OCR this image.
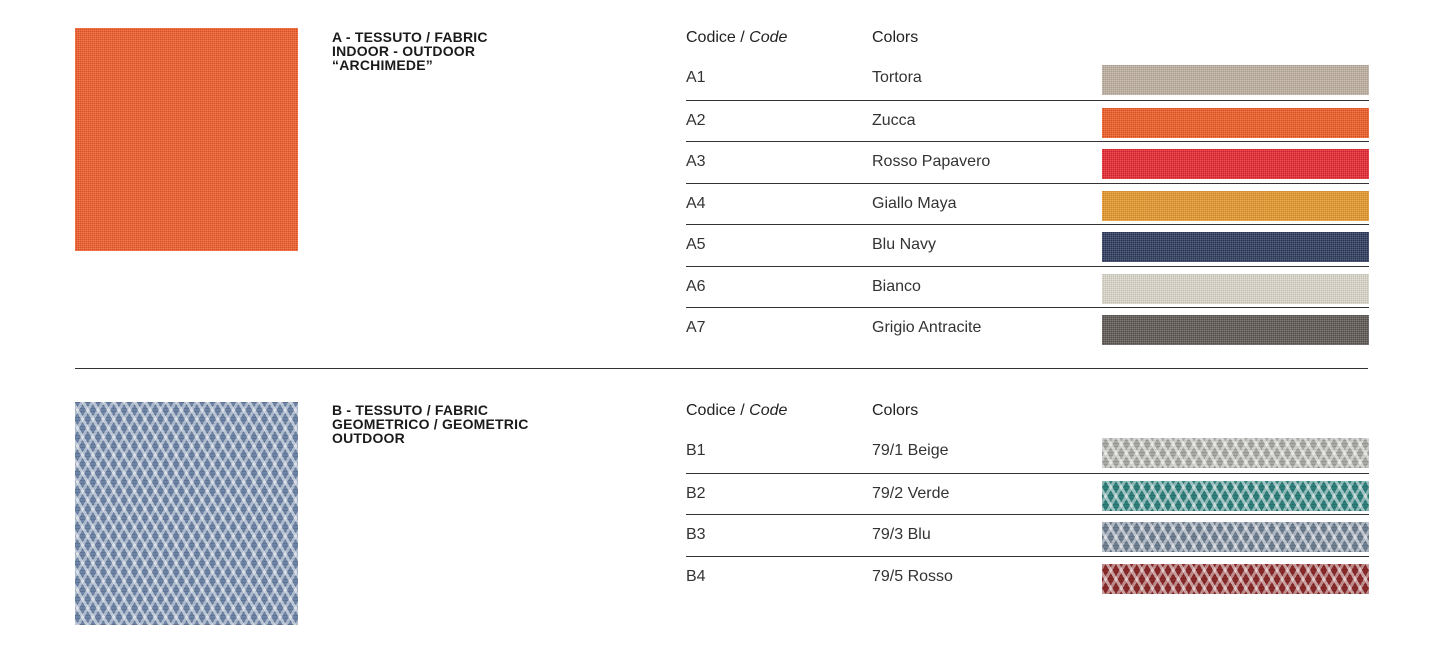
A - TESSUTO / FABRIC
INDOOR - OUTDOOR
“ARCHIMEDE”
Codice / Code	Colors
A1	Tortora
A2	Zucca
A3	Rosso Papavero
A4	Giallo Maya
A5	Blu Navy
A6	Bianco
A7	Grigio Antracite
B - TESSUTO / FABRIC
GEOMETRICO / GEOMETRIC
OUTDOOR
Codice / Code	Colors
B1	79/1 Beige
B2	79/2 Verde
B3	79/3 Blu
B4	79/5 Rosso
